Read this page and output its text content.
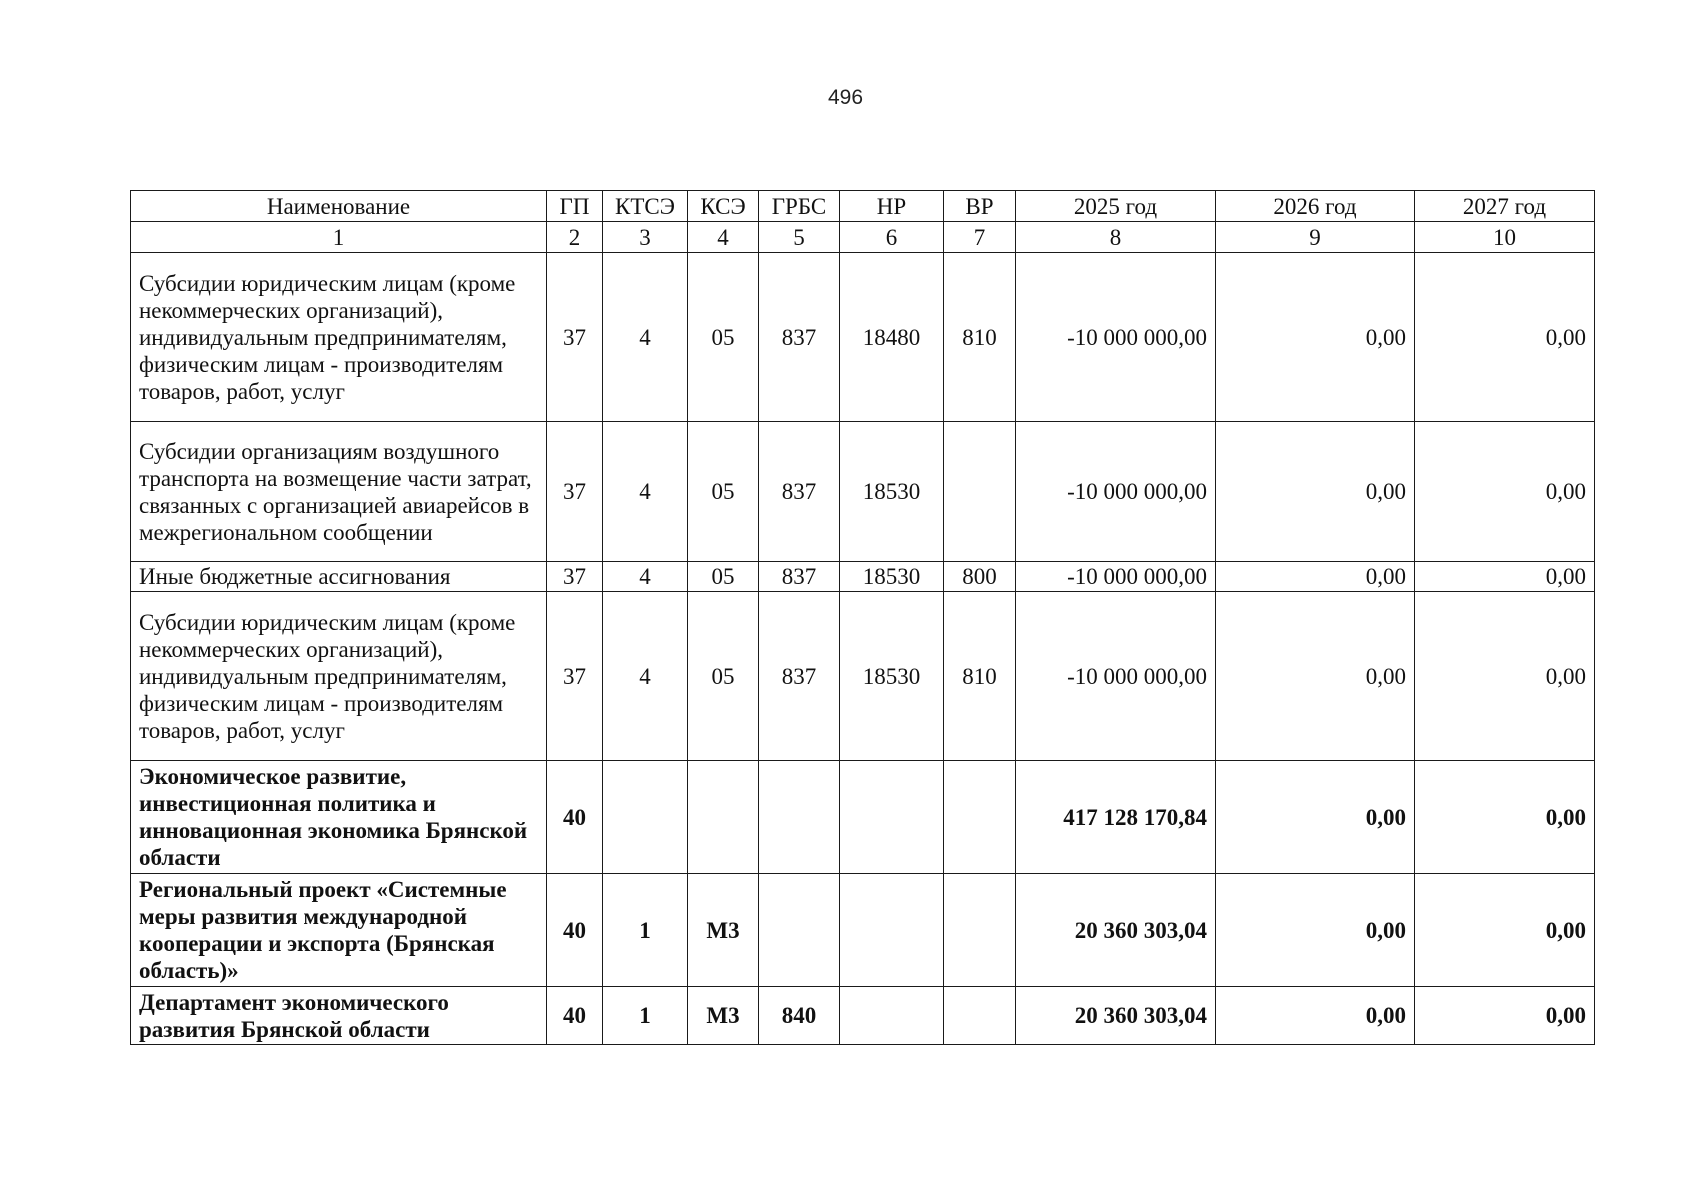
496
Наименование	ГП	КТСЭ	КСЭ	ГРБС	НР	ВР	2025 год	2026 год	2027 год
1	2	3	4	5	6	7	8	9	10
Субсидии юридическим лицам (кроме некоммерческих организаций), индивидуальным предпринимателям, физическим лицам - производителям товаров, работ, услуг	37	4	05	837	18480	810	-10 000 000,00	0,00	0,00
Субсидии организациям воздушного транспорта на возмещение части затрат, связанных с организацией авиарейсов в межрегиональном сообщении	37	4	05	837	18530		-10 000 000,00	0,00	0,00
Иные бюджетные ассигнования	37	4	05	837	18530	800	-10 000 000,00	0,00	0,00
Субсидии юридическим лицам (кроме некоммерческих организаций), индивидуальным предпринимателям, физическим лицам - производителям товаров, работ, услуг	37	4	05	837	18530	810	-10 000 000,00	0,00	0,00
Экономическое развитие, инвестиционная политика и инновационная экономика Брянской области	40						417 128 170,84	0,00	0,00
Региональный проект «Системные меры развития международной кооперации и экспорта (Брянская область)»	40	1	М3				20 360 303,04	0,00	0,00
Департамент экономического развития Брянской области	40	1	М3	840			20 360 303,04	0,00	0,00
